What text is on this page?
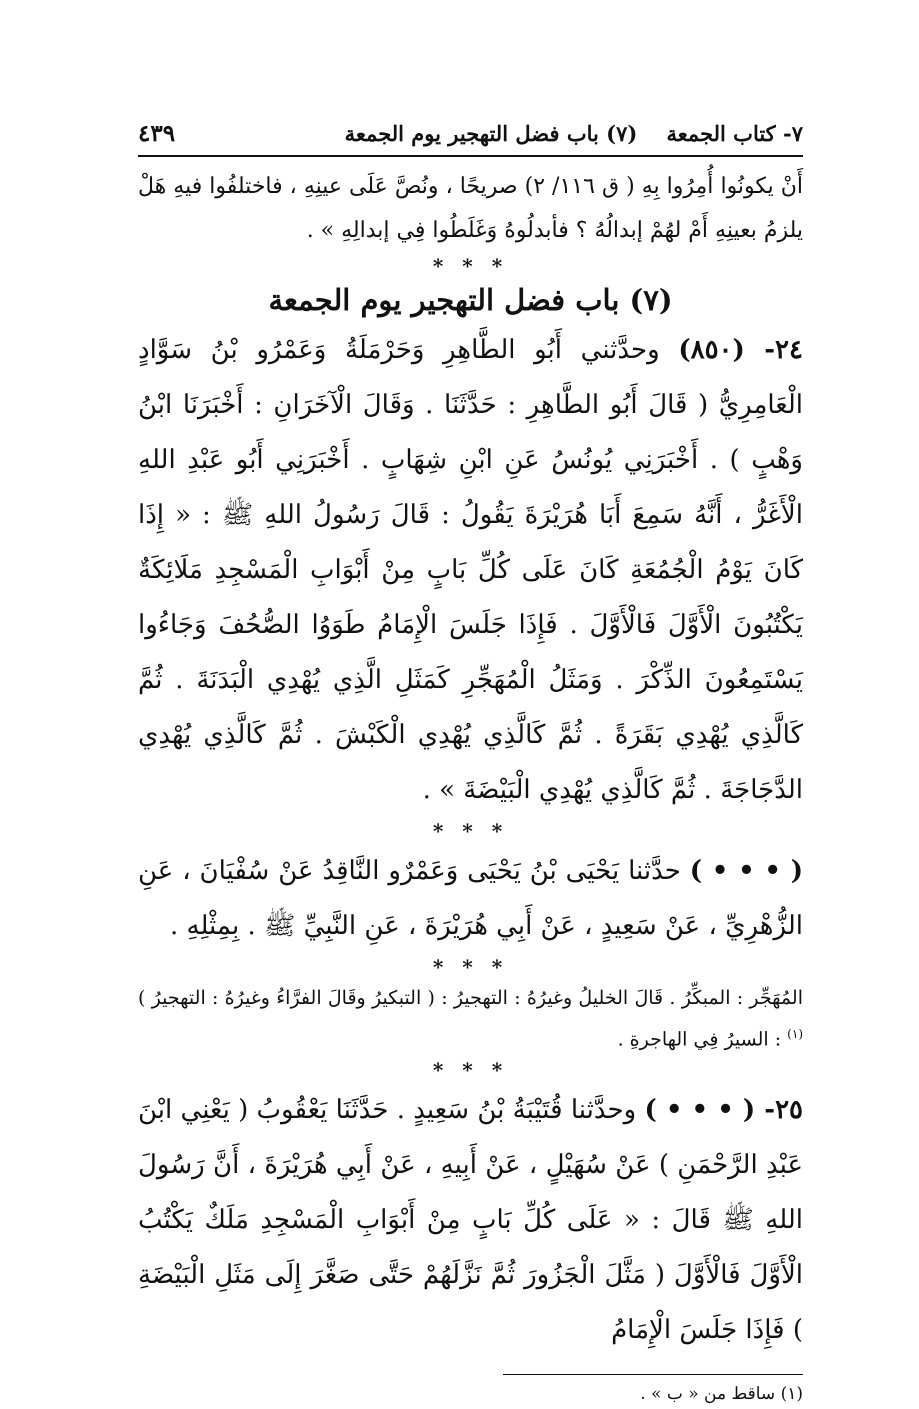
٧- كتاب الجمعة    (٧) باب فضل التهجير يوم الجمعة
٤٣٩

أَنْ يكونُوا أُمِرُوا بِهِ ( ق ١١٦/ ٢) صريحًا ، ونُصَّ عَلَى عينِهِ ، فاختلفُوا فيهِ هَلْ يلزمُ بعينِهِ أَمْ لهُمْ إبدالُهُ ؟ فأبدلُوهُ وَغَلَطُوا فِي إبدالِهِ » .

* * *
(٧) باب فضل التهجير يوم الجمعة

٢٤- (٨٥٠) وحدَّثني أَبُو الطَّاهِرِ وَحَرْمَلَةُ وَعَمْرُو بْنُ سَوَّادٍ الْعَامِرِيُّ ( قَالَ أَبُو الطَّاهِرِ : حَدَّثَنَا . وَقَالَ الْآخَرَانِ : أَخْبَرَنَا ابْنُ وَهْبٍ ) . أَخْبَرَنِي يُونُسُ عَنِ ابْنِ شِهَابٍ . أَخْبَرَنِي أَبُو عَبْدِ اللهِ الْأَغَرُّ ، أَنَّهُ سَمِعَ أَبَا هُرَيْرَةَ يَقُولُ : قَالَ رَسُولُ اللهِ ﷺ : « إِذَا كَانَ يَوْمُ الْجُمُعَةِ كَانَ عَلَى كُلِّ بَابٍ مِنْ أَبْوَابِ الْمَسْجِدِ مَلَائِكَةٌ يَكْتُبُونَ الْأَوَّلَ فَالْأَوَّلَ . فَإِذَا جَلَسَ الْإِمَامُ طَوَوُا الصُّحُفَ وَجَاءُوا يَسْتَمِعُونَ الذِّكْرَ . وَمَثَلُ الْمُهَجِّرِ كَمَثَلِ الَّذِي يُهْدِي الْبَدَنَةَ . ثُمَّ كَالَّذِي يُهْدِي بَقَرَةً . ثُمَّ كَالَّذِي يُهْدِي الْكَبْشَ . ثُمَّ كَالَّذِي يُهْدِي الدَّجَاجَةَ . ثُمَّ كَالَّذِي يُهْدِي الْبَيْضَةَ » .

* * *

( • • • ) حدَّثنا يَحْيَى بْنُ يَحْيَى وَعَمْرٌو النَّاقِدُ عَنْ سُفْيَانَ ، عَنِ الزُّهْرِيِّ ، عَنْ سَعِيدٍ ، عَنْ أَبِي هُرَيْرَةَ ، عَنِ النَّبِيِّ ﷺ . بِمِثْلِهِ .

* * *

المُهَجِّر : المبكِّرُ . قَالَ الخليلُ وغيرُهُ : التهجيرُ : ( التبكيرُ وقَالَ الفرَّاءُ وغيرُهُ : التهجيرُ )$^{(١)}$ : السيرُ فِي الهاجرةِ .

* * *

٢٥- ( • • • ) وحدَّثنا قُتَيْبَةُ بْنُ سَعِيدٍ . حَدَّثَنَا يَعْقُوبُ ( يَعْنِي ابْنَ عَبْدِ الرَّحْمَنِ ) عَنْ سُهَيْلٍ ، عَنْ أَبِيهِ ، عَنْ أَبِي هُرَيْرَةَ ، أَنَّ رَسُولَ اللهِ ﷺ قَالَ : « عَلَى كُلِّ بَابٍ مِنْ أَبْوَابِ الْمَسْجِدِ مَلَكٌ يَكْتُبُ الْأَوَّلَ فَالْأَوَّلَ ( مَثَّلَ الْجَزُورَ ثُمَّ نَزَّلَهُمْ حَتَّى صَغَّرَ إِلَى مَثَلِ الْبَيْضَةِ ) فَإِذَا جَلَسَ الْإِمَامُ

(١) ساقط من « ب » .
